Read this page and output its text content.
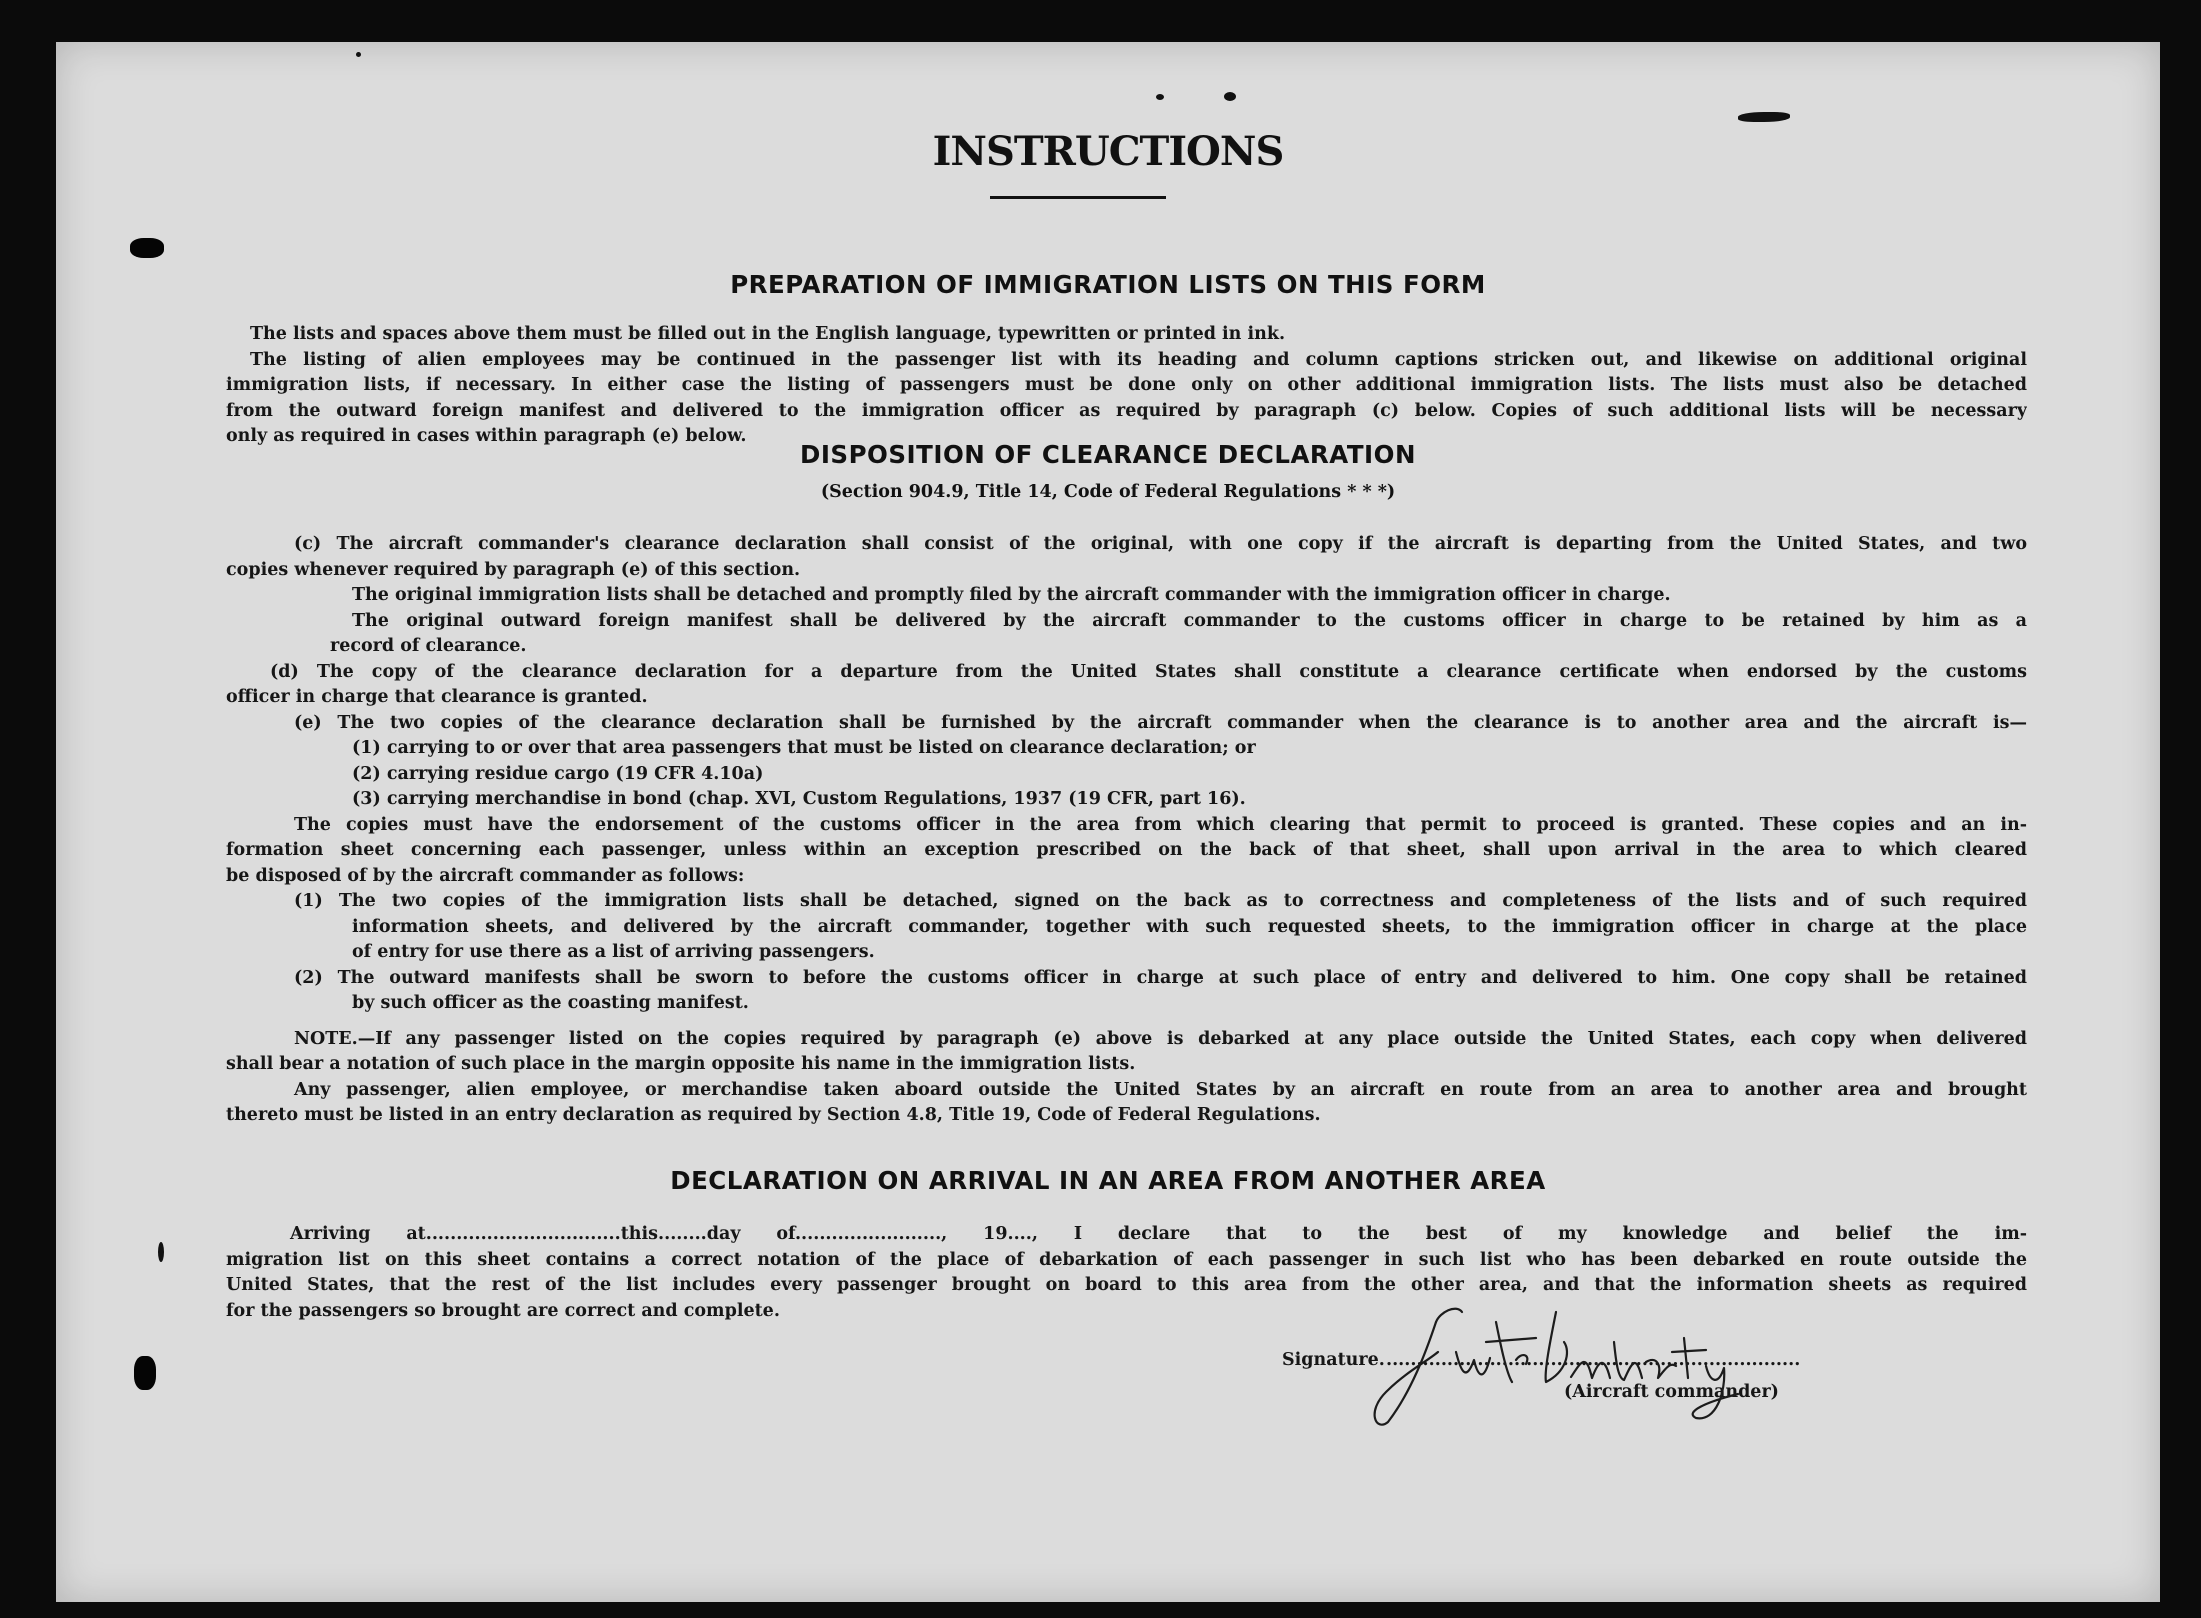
INSTRUCTIONS
PREPARATION OF IMMIGRATION LISTS ON THIS FORM
The lists and spaces above them must be filled out in the English language, typewritten or printed in ink.
The listing of alien employees may be continued in the passenger list with its heading and column captions stricken out, and likewise on additional original
immigration lists, if necessary. In either case the listing of passengers must be done only on other additional immigration lists. The lists must also be detached
from the outward foreign manifest and delivered to the immigration officer as required by paragraph (c) below. Copies of such additional lists will be necessary
only as required in cases within paragraph (e) below.
DISPOSITION OF CLEARANCE DECLARATION
(Section 904.9, Title 14, Code of Federal Regulations * * *)
(c) The aircraft commander's clearance declaration shall consist of the original, with one copy if the aircraft is departing from the United States, and two
copies whenever required by paragraph (e) of this section.
The original immigration lists shall be detached and promptly filed by the aircraft commander with the immigration officer in charge.
The original outward foreign manifest shall be delivered by the aircraft commander to the customs officer in charge to be retained by him as a
record of clearance.
(d) The copy of the clearance declaration for a departure from the United States shall constitute a clearance certificate when endorsed by the customs
officer in charge that clearance is granted.
(e) The two copies of the clearance declaration shall be furnished by the aircraft commander when the clearance is to another area and the aircraft is—
(1) carrying to or over that area passengers that must be listed on clearance declaration; or
(2) carrying residue cargo (19 CFR 4.10a)
(3) carrying merchandise in bond (chap. XVI, Custom Regulations, 1937 (19 CFR, part 16).
The copies must have the endorsement of the customs officer in the area from which clearing that permit to proceed is granted. These copies and an in-
formation sheet concerning each passenger, unless within an exception prescribed on the back of that sheet, shall upon arrival in the area to which cleared
be disposed of by the aircraft commander as follows:
(1) The two copies of the immigration lists shall be detached, signed on the back as to correctness and completeness of the lists and of such required
information sheets, and delivered by the aircraft commander, together with such requested sheets, to the immigration officer in charge at the place
of entry for use there as a list of arriving passengers.
(2) The outward manifests shall be sworn to before the customs officer in charge at such place of entry and delivered to him. One copy shall be retained
by such officer as the coasting manifest.
NOTE.—If any passenger listed on the copies required by paragraph (e) above is debarked at any place outside the United States, each copy when delivered
shall bear a notation of such place in the margin opposite his name in the immigration lists.
Any passenger, alien employee, or merchandise taken aboard outside the United States by an aircraft en route from an area to another area and brought
thereto must be listed in an entry declaration as required by Section 4.8, Title 19, Code of Federal Regulations.
DECLARATION ON ARRIVAL IN AN AREA FROM ANOTHER AREA
Arriving at................................this........day of........................, 19...., I declare that to the best of my knowledge and belief the im-
migration list on this sheet contains a correct notation of the place of debarkation of each passenger in such list who has been debarked en route outside the
United States, that the rest of the list includes every passenger brought on board to this area from the other area, and that the information sheets as required
for the passengers so brought are correct and complete.
Signature. ....................................................................
(Aircraft commander)
